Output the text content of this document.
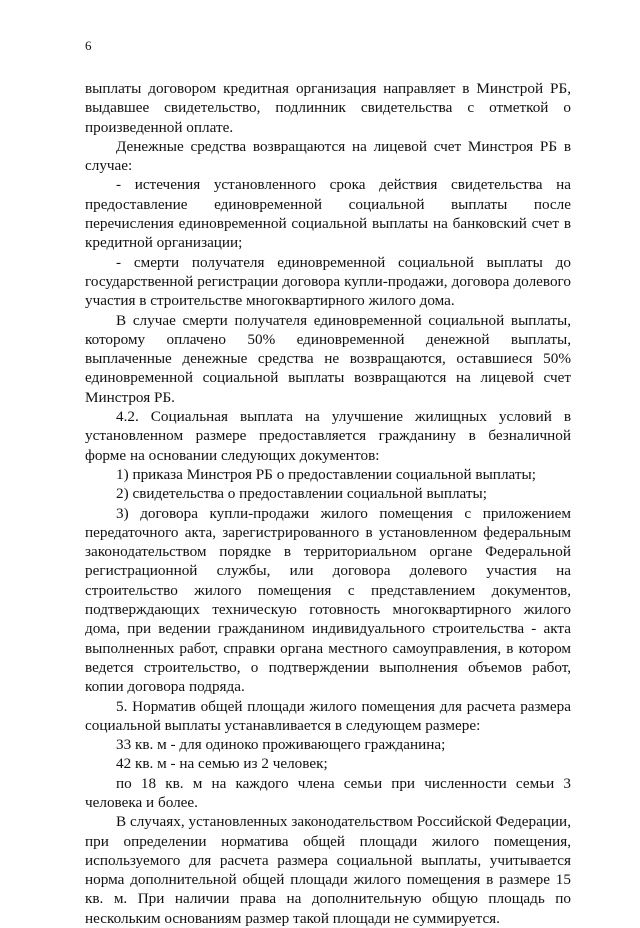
6

выплаты договором кредитная организация направляет в Минстрой РБ, выдавшее свидетельство, подлинник свидетельства с отметкой о произведенной оплате.

Денежные средства возвращаются на лицевой счет Минстроя РБ в случае:

- истечения установленного срока действия свидетельства на предоставление единовременной социальной выплаты после перечисления единовременной социальной выплаты на банковский счет в кредитной организации;

- смерти получателя единовременной социальной выплаты до государственной регистрации договора купли-продажи, договора долевого участия в строительстве многоквартирного жилого дома.

В случае смерти получателя единовременной социальной выплаты, которому оплачено 50% единовременной денежной выплаты, выплаченные денежные средства не возвращаются, оставшиеся 50% единовременной социальной выплаты возвращаются на лицевой счет Минстроя РБ.

4.2. Социальная выплата на улучшение жилищных условий в установленном размере предоставляется гражданину в безналичной форме на основании следующих документов:

1) приказа Минстроя РБ о предоставлении социальной выплаты;

2) свидетельства о предоставлении социальной выплаты;

3) договора купли-продажи жилого помещения с приложением передаточного акта, зарегистрированного в установленном федеральным законодательством порядке в территориальном органе Федеральной регистрационной службы, или договора долевого участия на строительство жилого помещения с представлением документов, подтверждающих техническую готовность многоквартирного жилого дома, при ведении гражданином индивидуального строительства - акта выполненных работ, справки органа местного самоуправления, в котором ведется строительство, о подтверждении выполнения объемов работ, копии договора подряда.

5. Норматив общей площади жилого помещения для расчета размера социальной выплаты устанавливается в следующем размере:

33 кв. м - для одиноко проживающего гражданина;

42 кв. м - на семью из 2 человек;

по 18 кв. м на каждого члена семьи при численности семьи 3 человека и более.

В случаях, установленных законодательством Российской Федерации, при определении норматива общей площади жилого помещения, используемого для расчета размера социальной выплаты, учитывается норма дополнительной общей площади жилого помещения в размере 15 кв. м. При наличии права на дополнительную общую площадь по нескольким основаниям размер такой площади не суммируется.
